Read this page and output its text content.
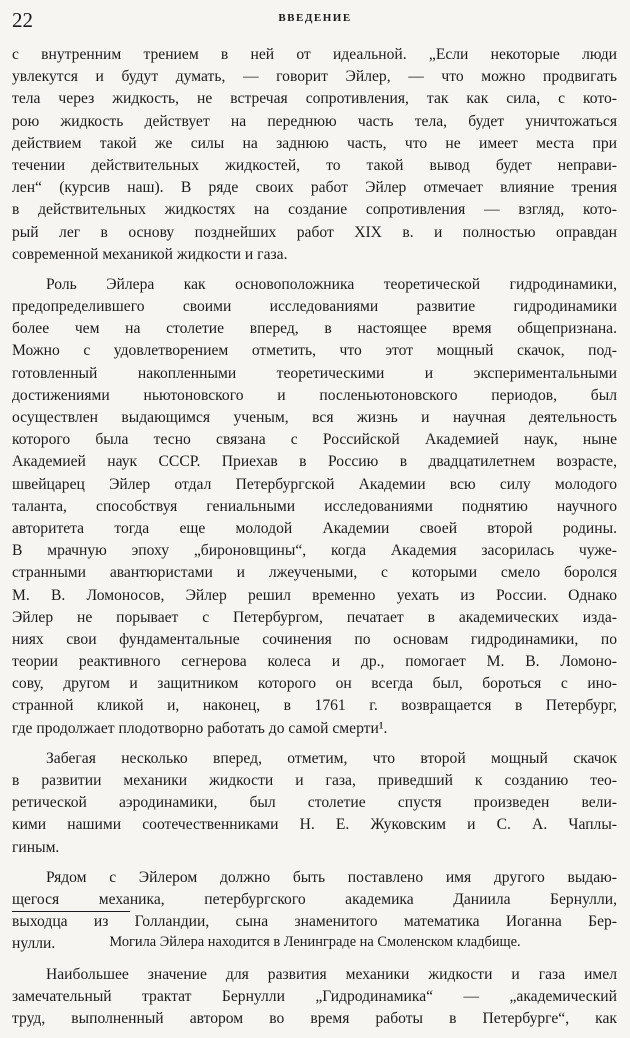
22	ВВЕДЕНИЕ
с внутренним трением в ней от идеальной. „Если некоторые люди
увлекутся и будут думать, — говорит Эйлер, — что можно продвигать
тела через жидкость, не встречая сопротивления, так как сила, с кото-
рою жидкость действует на переднюю часть тела, будет уничтожаться
действием такой же силы на заднюю часть, что не имеет места при
течении действительных жидкостей, то такой вывод будет неправи-
лен“ (курсив наш). В ряде своих работ Эйлер отмечает влияние трения
в действительных жидкостях на создание сопротивления — взгляд, кото-
рый лег в основу позднейших работ XIX в. и полностью оправдан
современной механикой жидкости и газа.
Роль Эйлера как основоположника теоретической гидродинамики,
предопределившего своими исследованиями развитие гидродинамики
более чем на столетие вперед, в настоящее время общепризнана.
Можно с удовлетворением отметить, что этот мощный скачок, под-
готовленный накопленными теоретическими и экспериментальными
достижениями ньютоновского и посленьютоновского периодов, был
осуществлен выдающимся ученым, вся жизнь и научная деятельность
которого была тесно связана с Российской Академией наук, ныне
Академией наук СССР. Приехав в Россию в двадцатилетнем возрасте,
швейцарец Эйлер отдал Петербургской Академии всю силу молодого
таланта, способствуя гениальными исследованиями поднятию научного
авторитета тогда еще молодой Академии своей второй родины.
В мрачную эпоху „бироновщины“, когда Академия засорилась чуже-
странными авантюристами и лжеучеными, с которыми смело боролся
М. В. Ломоносов, Эйлер решил временно уехать из России. Однако
Эйлер не порывает с Петербургом, печатает в академических изда-
ниях свои фундаментальные сочинения по основам гидродинамики, по
теории реактивного сегнерова колеса и др., помогает М. В. Ломоно-
сову, другом и защитником которого он всегда был, бороться с ино-
странной кликой и, наконец, в 1761 г. возвращается в Петербург,
где продолжает плодотворно работать до самой смерти¹.
Забегая несколько вперед, отметим, что второй мощный скачок
в развитии механики жидкости и газа, приведший к созданию тео-
ретической аэродинамики, был столетие спустя произведен вели-
кими нашими соотечественниками Н. Е. Жуковским и С. А. Чаплы-
гиным.
Рядом с Эйлером должно быть поставлено имя другого выдаю-
щегося механика, петербургского академика Даниила Бернулли,
выходца из Голландии, сына знаменитого математика Иоганна Бер-
нулли.
Наибольшее значение для развития механики жидкости и газа имел
замечательный трактат Бернулли „Гидродинамика“ — „академический
труд, выполненный автором во время работы в Петербурге“, как
Могила Эйлера находится в Ленинграде на Смоленском кладбище.
